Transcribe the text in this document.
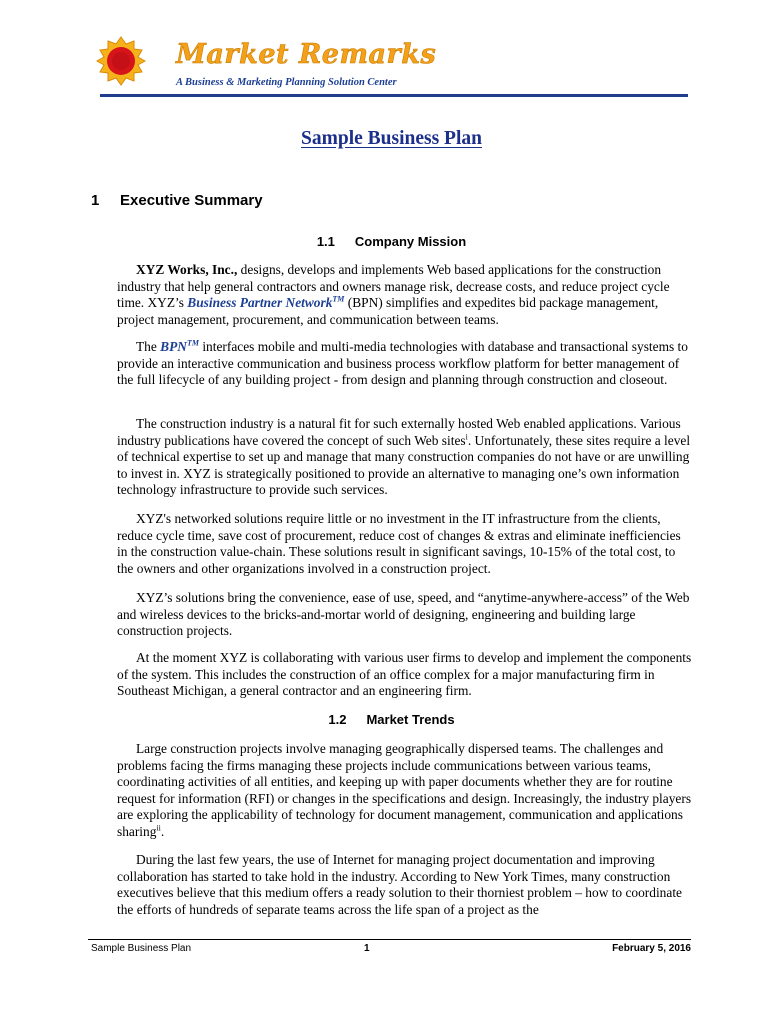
Market Remarks
A Business & Marketing Planning Solution Center
Sample Business Plan
1 Executive Summary
1.1 Company Mission

XYZ Works, Inc., designs, develops and implements Web based applications for the construction industry that help general contractors and owners manage risk, decrease costs, and reduce project cycle time. XYZ’s Business Partner Network™ (BPN) simplifies and expedites bid package management, project management, procurement, and communication between teams.

The BPN™ interfaces mobile and multi-media technologies with database and transactional systems to provide an interactive communication and business process workflow platform for better management of the full lifecycle of any building project - from design and planning through construction and closeout.

The construction industry is a natural fit for such externally hosted Web enabled applications. Various industry publications have covered the concept of such Web sites$^i$. Unfortunately, these sites require a level of technical expertise to set up and manage that many construction companies do not have or are unwilling to invest in. XYZ is strategically positioned to provide an alternative to managing one’s own information technology infrastructure to provide such services.

XYZ's networked solutions require little or no investment in the IT infrastructure from the clients, reduce cycle time, save cost of procurement, reduce cost of changes & extras and eliminate inefficiencies in the construction value-chain. These solutions result in significant savings, 10-15% of the total cost, to the owners and other organizations involved in a construction project.

XYZ’s solutions bring the convenience, ease of use, speed, and “anytime-anywhere-access” of the Web and wireless devices to the bricks-and-mortar world of designing, engineering and building large construction projects.

At the moment XYZ is collaborating with various user firms to develop and implement the components of the system. This includes the construction of an office complex for a major manufacturing firm in Southeast Michigan, a general contractor and an engineering firm.

1.2 Market Trends

Large construction projects involve managing geographically dispersed teams. The challenges and problems facing the firms managing these projects include communications between various teams, coordinating activities of all entities, and keeping up with paper documents whether they are for routine request for information (RFI) or changes in the specifications and design. Increasingly, the industry players are exploring the applicability of technology for document management, communication and applications sharing$^{ii}$.

During the last few years, the use of Internet for managing project documentation and improving collaboration has started to take hold in the industry. According to New York Times, many construction executives believe that this medium offers a ready solution to their thorniest problem – how to coordinate the efforts of hundreds of separate teams across the life span of a project as the

Sample Business Plan	1	February 5, 2016
